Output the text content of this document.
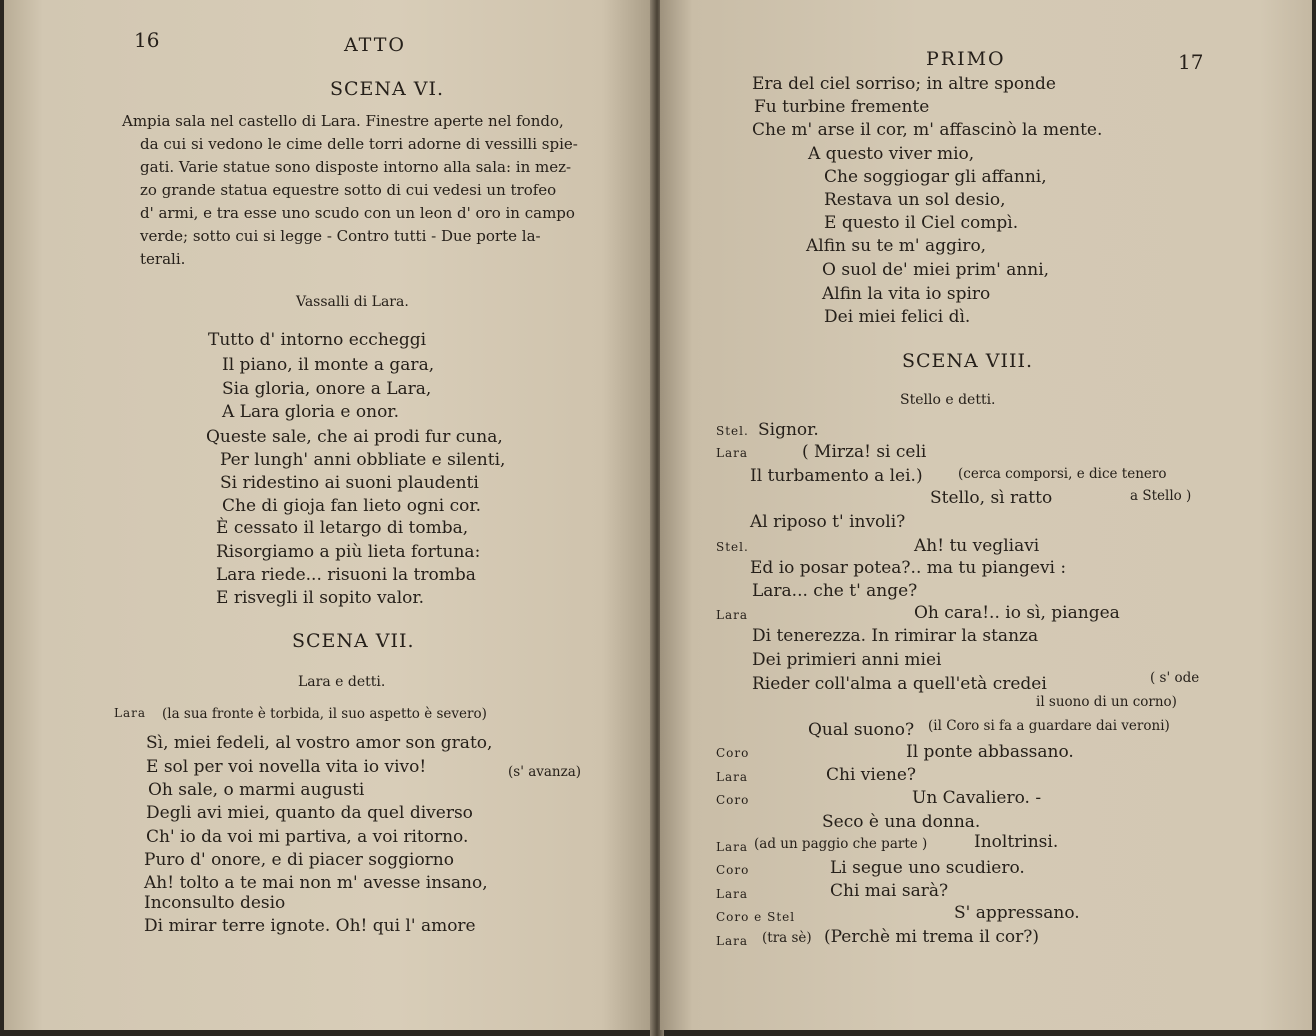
16	ATTO
SCENA VI.
Ampia sala nel castello di Lara. Finestre aperte nel fondo,
da cui si vedono le cime delle torri adorne di vessilli spie-
gati. Varie statue sono disposte intorno alla sala: in mez-
zo grande statua equestre sotto di cui vedesi un trofeo
d' armi, e tra esse uno scudo con un leon d' oro in campo
verde; sotto cui si legge - Contro tutti - Due porte la-
terali.
Vassalli di Lara.
Tutto d' intorno eccheggi
Il piano, il monte a gara,
Sia gloria, onore a Lara,
A Lara gloria e onor.
Queste sale, che ai prodi fur cuna,
Per lungh' anni obbliate e silenti,
Si ridestino ai suoni plaudenti
Che di gioja fan lieto ogni cor.
È cessato il letargo di tomba,
Risorgiamo a più lieta fortuna:
Lara riede... risuoni la tromba
E risvegli il sopito valor.
SCENA VII.
Lara e detti.
Lara (la sua fronte è torbida, il suo aspetto è severo)
Sì, miei fedeli, al vostro amor son grato,
E sol per voi novella vita io vivo!	(s' avanza)
Oh sale, o marmi augusti
Degli avi miei, quanto da quel diverso
Ch' io da voi mi partiva, a voi ritorno.
Puro d' onore, e di piacer soggiorno
Ah! tolto a te mai non m' avesse insano,
Inconsulto desio
Di mirar terre ignote. Oh! qui l' amore
PRIMO	17
Era del ciel sorriso; in altre sponde
Fu turbine fremente
Che m' arse il cor, m' affascinò la mente.
A questo viver mio,
Che soggiogar gli affanni,
Restava un sol desio,
E questo il Ciel compì.
Alfin su te m' aggiro,
O suol de' miei prim' anni,
Alfin la vita io spiro
Dei miei felici dì.
SCENA VIII.
Stello e detti.
Stel. Signor.
Lara	( Mirza! si celi
Il turbamento a lei.)	(cerca comporsi, e dice tenero
Stello, sì ratto	a Stello )
Al riposo t' involi?
Stel.	Ah! tu vegliavi
Ed io posar potea?.. ma tu piangevi :
Lara... che t' ange?
Lara	Oh cara!.. io sì, piangea
Di tenerezza. In rimirar la stanza
Dei primieri anni miei
Rieder coll'alma a quell'età credei	( s' ode
il suono di un corno)
Qual suono? (il Coro si fa a guardare dai veroni)
Coro	Il ponte abbassano.
Lara	Chi viene?
Coro	Un Cavaliero. -
Seco è una donna.
Lara (ad un paggio che parte )	Inoltrinsi.
Coro	Li segue uno scudiero.
Lara	Chi mai sarà?
Coro e Stel	S' appressano.
Lara (tra sè) (Perchè mi trema il cor?)
